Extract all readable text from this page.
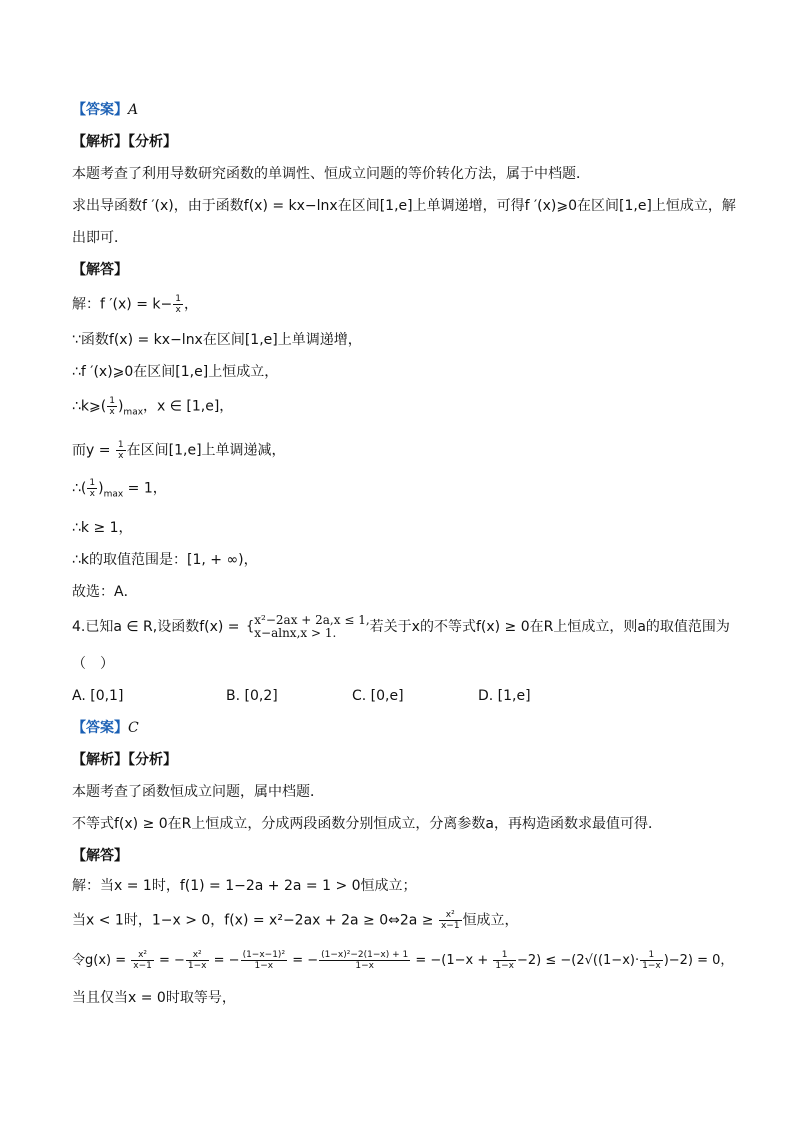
【答案】A
【解析】【分析】
本题考查了利用导数研究函数的单调性、恒成立问题的等价转化方法，属于中档题．
求出导函数f ′(x)，由于函数f(x) = kx−lnx在区间[1,e]上单调递增，可得f ′(x)⩾0在区间[1,e]上恒成立，解
出即可．
【解答】
解：f $'(x) = k- \frac{1}{x}$ ，
∵函数f(x) = kx−lnx在区间[1,e]上单调递增，
∴f ′(x)⩾0在区间[1,e]上恒成立，
∴k⩾( $\frac{1}{x} )_{max}$，x ∈ [1,e]，
而$y = \frac{1}{x}$ 在区间[1,e]上单调递减，
∴( $\frac{1}{x} )_{max} = 1$，
∴k ≥ 1，
∴k的取值范围是：[1, + ∞)，
故选：A．
4.已知a ∈ R,设函数f(x) = { x²−2ax + 2a,x ≤ 1,
x−alnx,x > 1.	若关于x的不等式f(x) ≥ 0在R上恒成立，则a的取值范围为
（　）
A. [0,1]	B. [0,2]	C. [0,e]	D. [1,e]
【答案】C
【解析】【分析】
本题考查了函数恒成立问题，属中档题．
不等式f(x) ≥ 0在R上恒成立，分成两段函数分别恒成立，分离参数a，再构造函数求最值可得．
【解答】
解：当x = 1时，f(1) = 1−2a + 2a = 1 > 0恒成立；
当x < 1时，1−x > 0，f(x) = x²−2ax + 2a ≥ 0⇔2a ≥ $\frac{\text{x²}}{x-1}$ 恒成立，
令$g(x) = \frac{\text{x²}}{x-1}$ = − $\frac{\text{x²}}{1-x}$ = − $\frac{\text{(1−x−1)²}}{1-x}$ = − $\frac{\text{(1−x)²−2(1−x) + 1}}{1-x} = -(1-x + \frac{1}{1-x} -2) \le -(2√((1-x)\cdot \frac{1}{1-x} )-2) = 0$，
当且仅当x = 0时取等号，
